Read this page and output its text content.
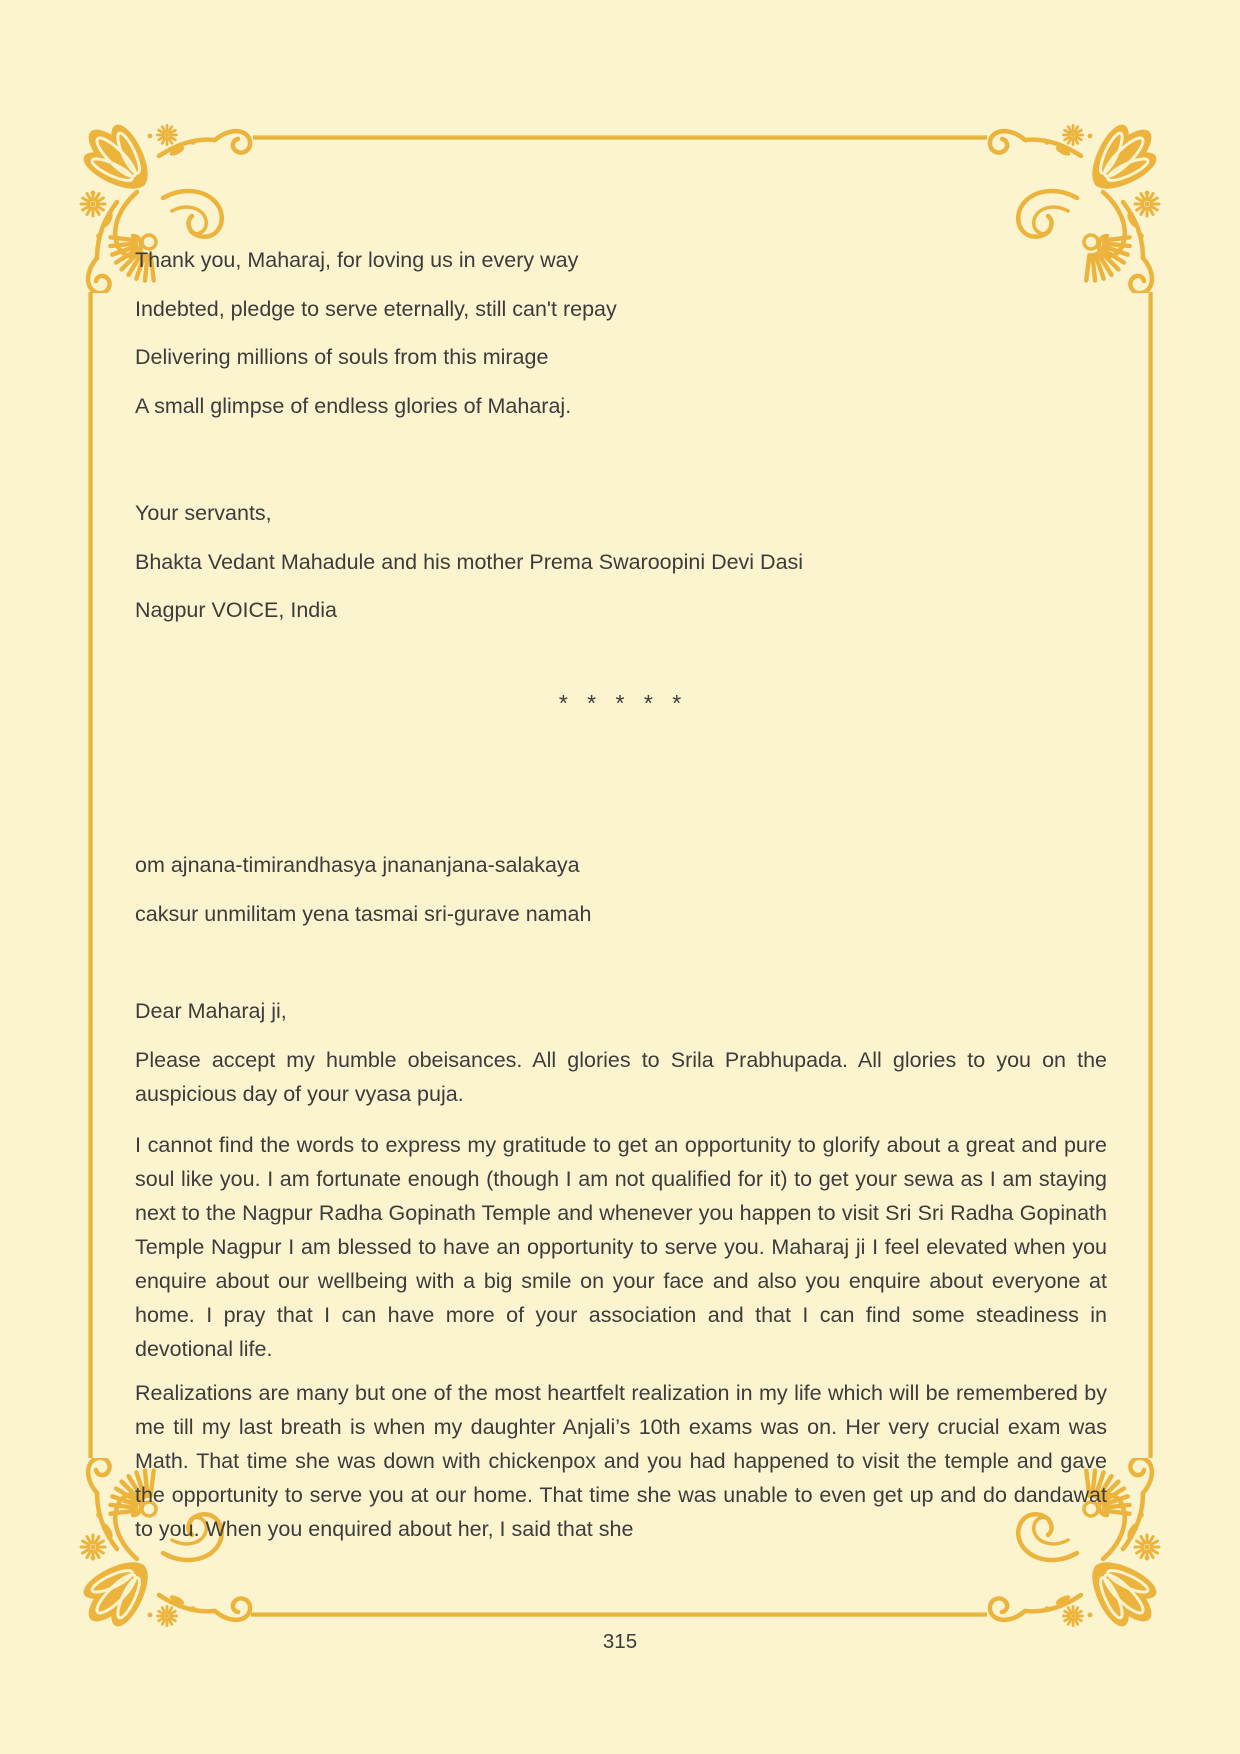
Thank you, Maharaj, for loving us in every way

Indebted, pledge to serve eternally, still can't repay

Delivering millions of souls from this mirage

A small glimpse of endless glories of Maharaj.

Your servants,

Bhakta Vedant Mahadule and his mother Prema Swaroopini Devi Dasi

Nagpur VOICE, India

* * * * *

om ajnana-timirandhasya jnananjana-salakaya

caksur unmilitam yena tasmai sri-gurave namah

Dear Maharaj ji,
Please accept my humble obeisances. All glories to Srila Prabhupada. All glories to you on the auspicious day of your vyasa puja.
I cannot find the words to express my gratitude to get an opportunity to glorify about a great and pure soul like you. I am fortunate enough (though I am not qualified for it) to get your sewa as I am staying next to the Nagpur Radha Gopinath Temple and whenever you happen to visit Sri Sri Radha Gopinath Temple Nagpur I am blessed to have an opportunity to serve you. Maharaj ji I feel elevated when you enquire about our wellbeing with a big smile on your face and also you enquire about everyone at home. I pray that I can have more of your association and that I can find some steadiness in devotional life.
Realizations are many but one of the most heartfelt realization in my life which will be remembered by me till my last breath is when my daughter Anjali’s 10th exams was on. Her very crucial exam was Math. That time she was down with chickenpox and you had happened to visit the temple and gave the opportunity to serve you at our home. That time she was unable to even get up and do dandawat to you. When you enquired about her, I said that she
315
